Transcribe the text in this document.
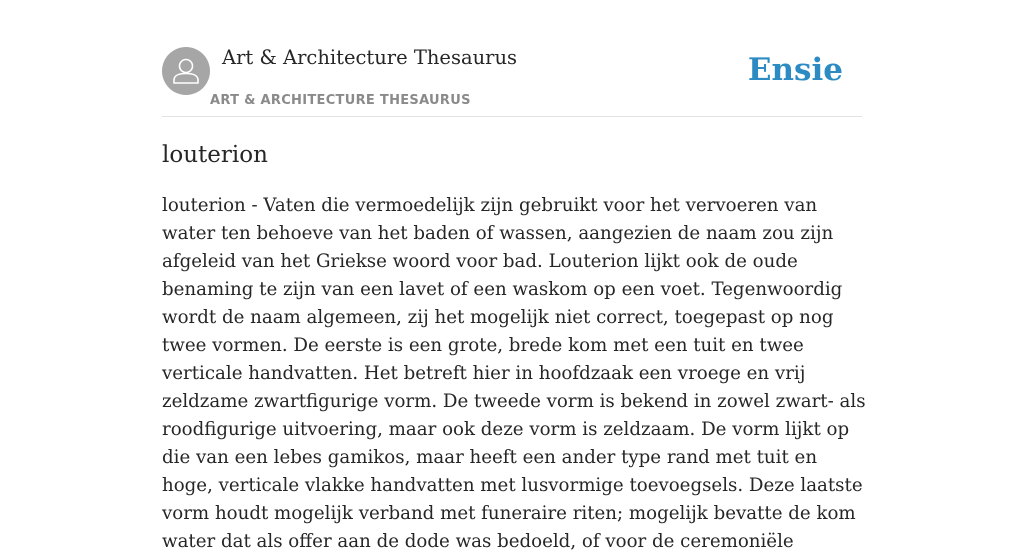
Art & Architecture Thesaurus
ART & ARCHITECTURE THESAURUS
Ensie
louterion

louterion - Vaten die vermoedelijk zijn gebruikt voor het vervoeren van water ten behoeve van het baden of wassen, aangezien de naam zou zijn afgeleid van het Griekse woord voor bad. Louterion lijkt ook de oude benaming te zijn van een lavet of een waskom op een voet. Tegenwoordig wordt de naam algemeen, zij het mogelijk niet correct, toegepast op nog twee vormen. De eerste is een grote, brede kom met een tuit en twee verticale handvatten. Het betreft hier in hoofdzaak een vroege en vrij zeldzame zwartfigurige vorm. De tweede vorm is bekend in zowel zwart- als roodfigurige uitvoering, maar ook deze vorm is zeldzaam. De vorm lijkt op die van een lebes gamikos, maar heeft een ander type rand met tuit en hoge, verticale vlakke handvatten met lusvormige toevoegsels. Deze laatste vorm houdt mogelijk verband met funeraire riten; mogelijk bevatte de kom water dat als offer aan de dode was bedoeld, of voor de ceremoniële
